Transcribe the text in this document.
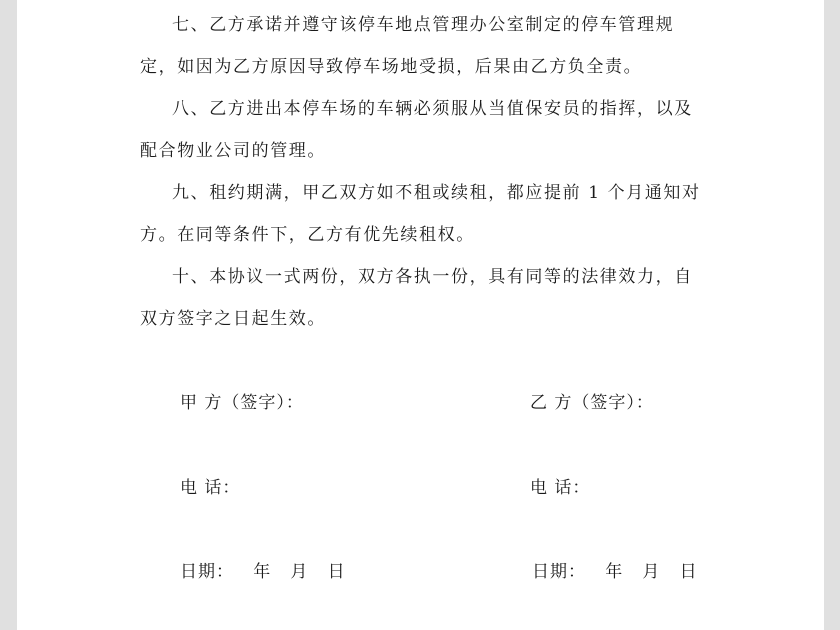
七、乙方承诺并遵守该停车地点管理办公室制定的停车管理规
定，如因为乙方原因导致停车场地受损，后果由乙方负全责。
八、乙方进出本停车场的车辆必须服从当值保安员的指挥，以及
配合物业公司的管理。
九、租约期满，甲乙双方如不租或续租，都应提前 1 个月通知对
方。在同等条件下，乙方有优先续租权。
十、本协议一式两份，双方各执一份，具有同等的法律效力，自
双方签字之日起生效。
甲 方（签字）：	乙 方（签字）：
电 话：	电 话：
日期：   年   月   日	日期：   年   月   日
